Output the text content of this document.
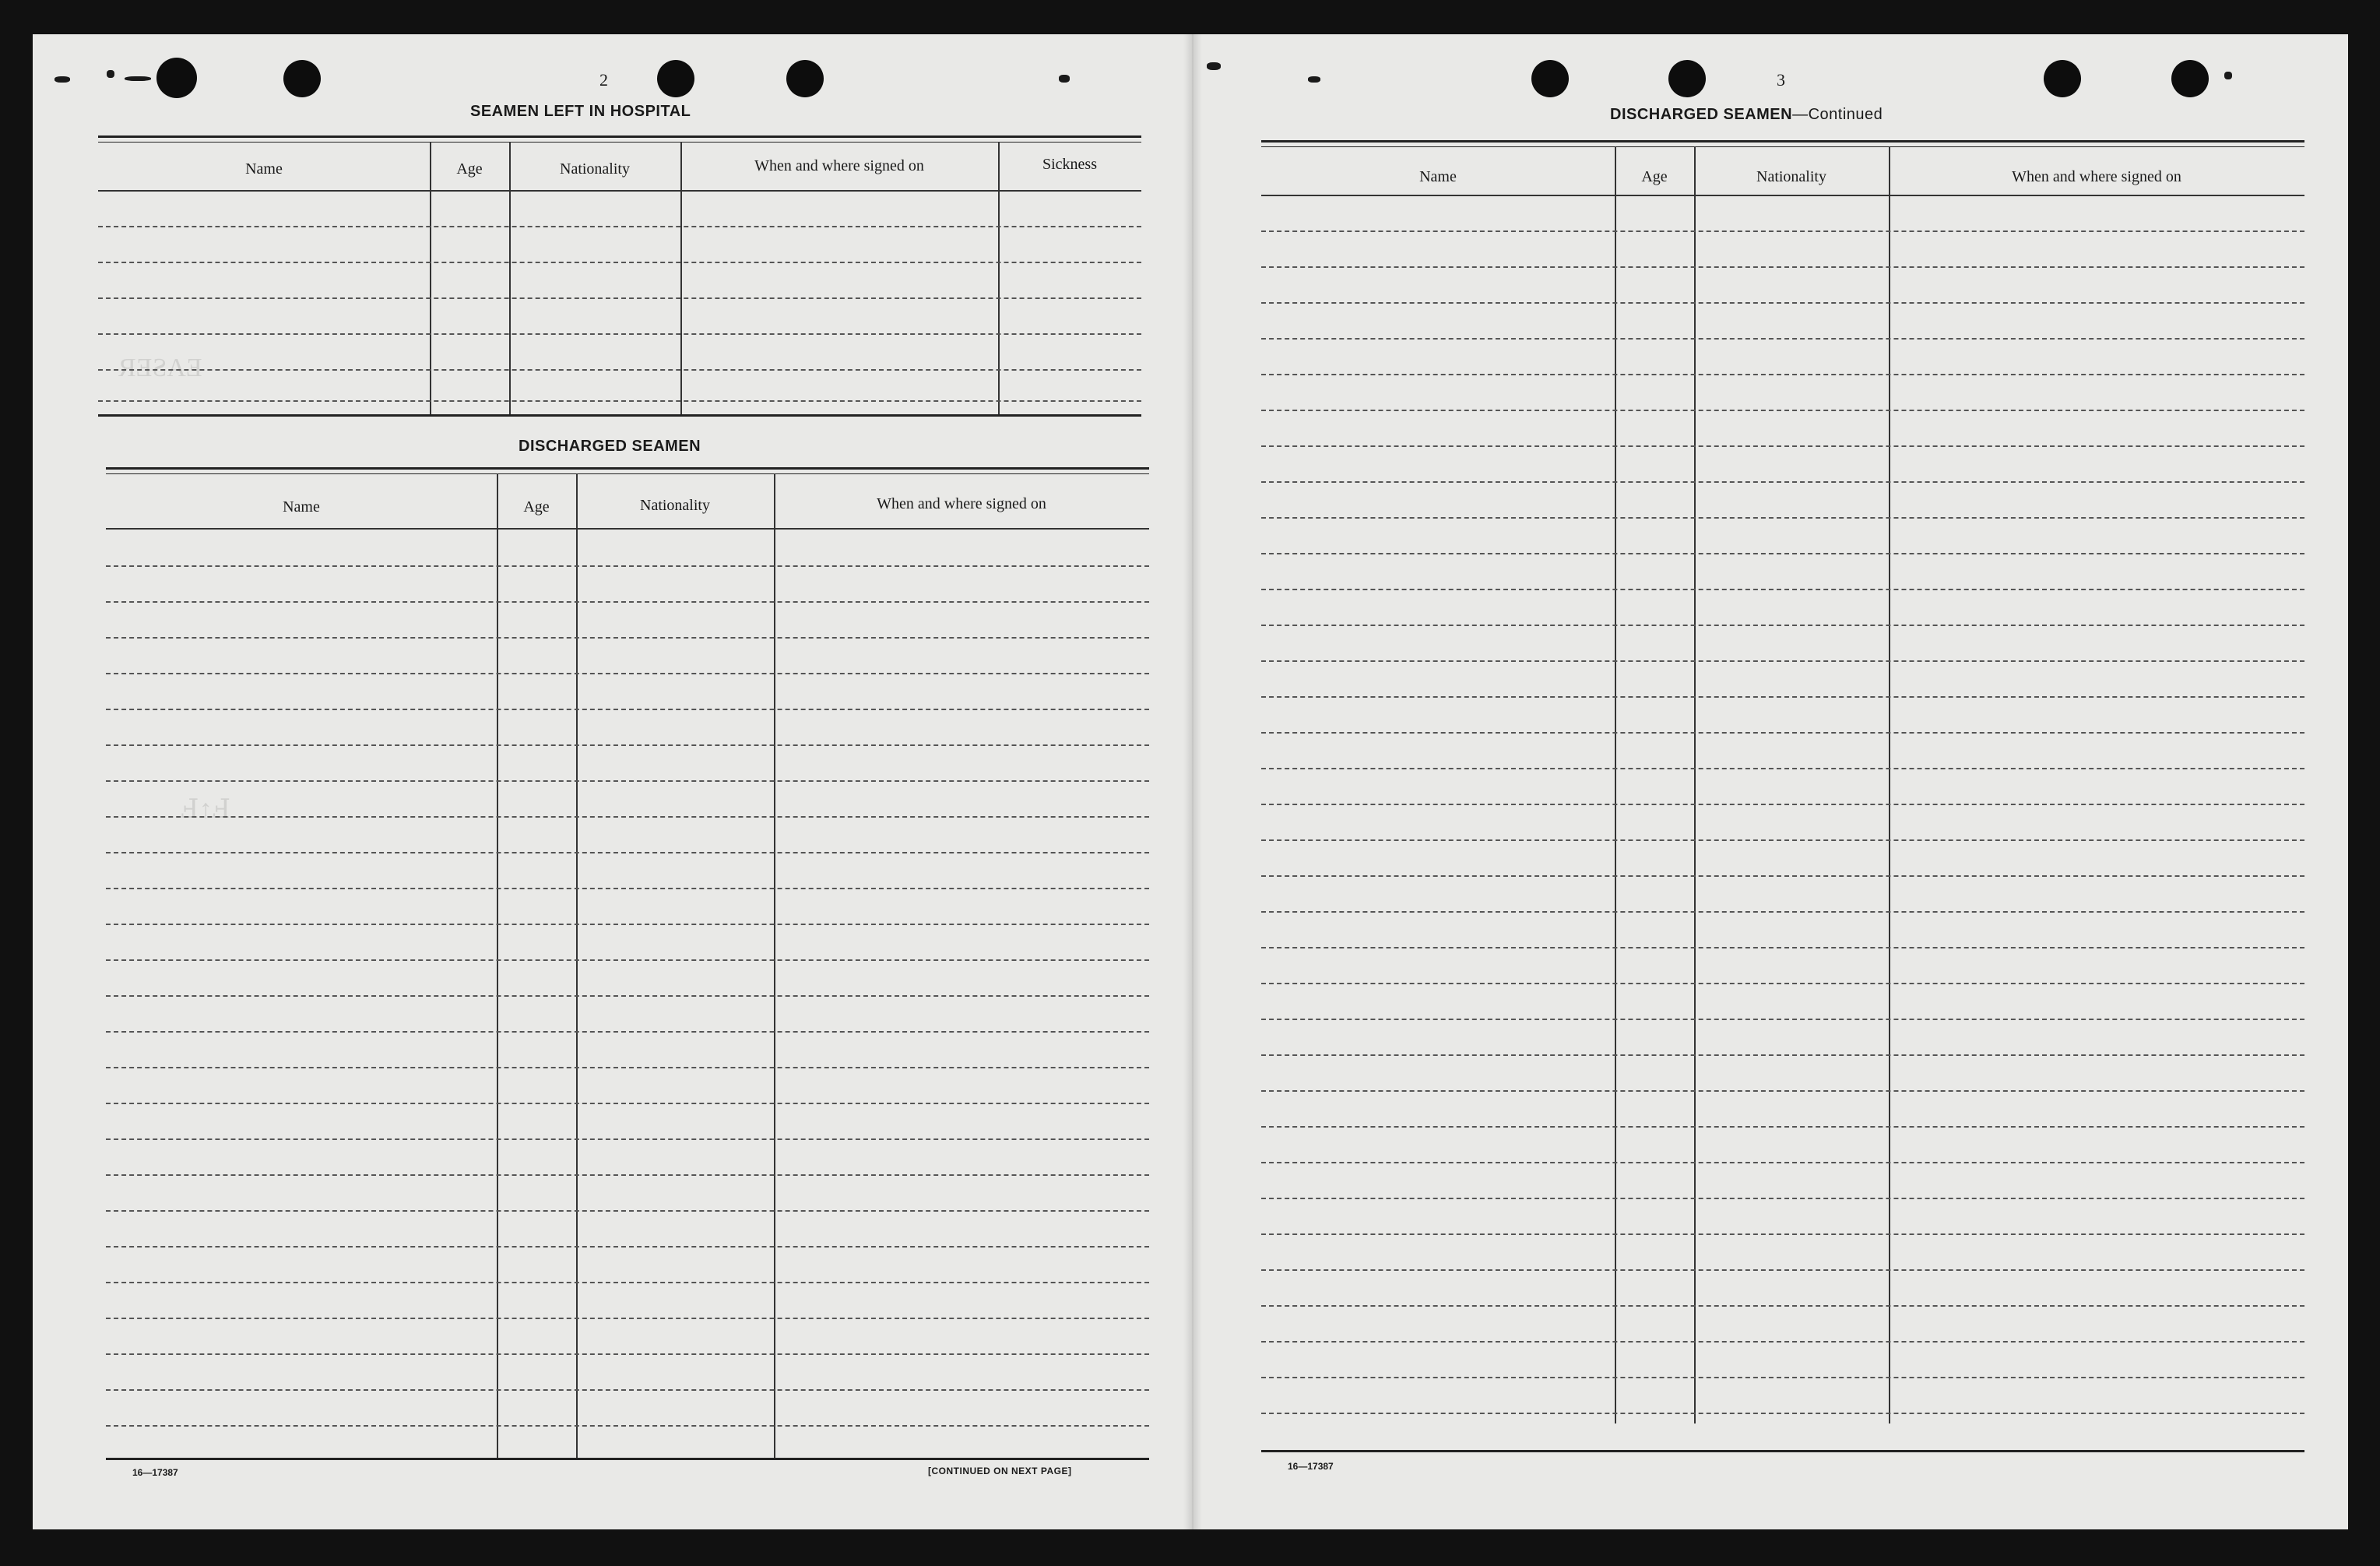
ЯƎƧAƎ
Ⅎ↑Ⅎ
2
SEAMEN LEFT IN HOSPITAL
Name	Age	Nationality	When and where signed on	Sickness
DISCHARGED SEAMEN
Name	Age	Nationality	When and where signed on
16—17387	[CONTINUED ON NEXT PAGE]
3
DISCHARGED SEAMEN—Continued
Name	Age	Nationality	When and where signed on
16—17387
